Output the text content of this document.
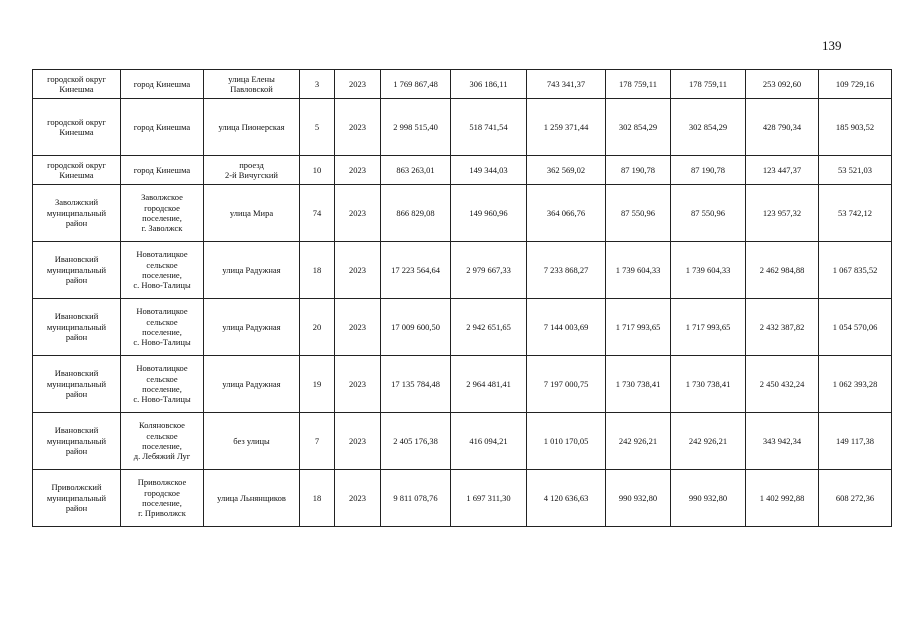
139
городской округ
Кинешма	город Кинешма	улица Елены
Павловской	3	2023	1 769 867,48	306 186,11	743 341,37	178 759,11	178 759,11	253 092,60	109 729,16
городской округ
Кинешма	город Кинешма	улица Пионерская	5	2023	2 998 515,40	518 741,54	1 259 371,44	302 854,29	302 854,29	428 790,34	185 903,52
городской округ
Кинешма	город Кинешма	проезд
2-й Вичугский	10	2023	863 263,01	149 344,03	362 569,02	87 190,78	87 190,78	123 447,37	53 521,03
Заволжский
муниципальный
район	Заволжское
городское
поселение,
г. Заволжск	улица Мира	74	2023	866 829,08	149 960,96	364 066,76	87 550,96	87 550,96	123 957,32	53 742,12
Ивановский
муниципальный
район	Новоталицкое
сельское
поселение,
с. Ново-Талицы	улица Радужная	18	2023	17 223 564,64	2 979 667,33	7 233 868,27	1 739 604,33	1 739 604,33	2 462 984,88	1 067 835,52
Ивановский
муниципальный
район	Новоталицкое
сельское
поселение,
с. Ново-Талицы	улица Радужная	20	2023	17 009 600,50	2 942 651,65	7 144 003,69	1 717 993,65	1 717 993,65	2 432 387,82	1 054 570,06
Ивановский
муниципальный
район	Новоталицкое
сельское
поселение,
с. Ново-Талицы	улица Радужная	19	2023	17 135 784,48	2 964 481,41	7 197 000,75	1 730 738,41	1 730 738,41	2 450 432,24	1 062 393,28
Ивановский
муниципальный
район	Коляновское
сельское
поселение,
д. Лебяжий Луг	без улицы	7	2023	2 405 176,38	416 094,21	1 010 170,05	242 926,21	242 926,21	343 942,34	149 117,38
Приволжский
муниципальный
район	Приволжское
городское
поселение,
г. Приволжск	улица Льнянщиков	18	2023	9 811 078,76	1 697 311,30	4 120 636,63	990 932,80	990 932,80	1 402 992,88	608 272,36
